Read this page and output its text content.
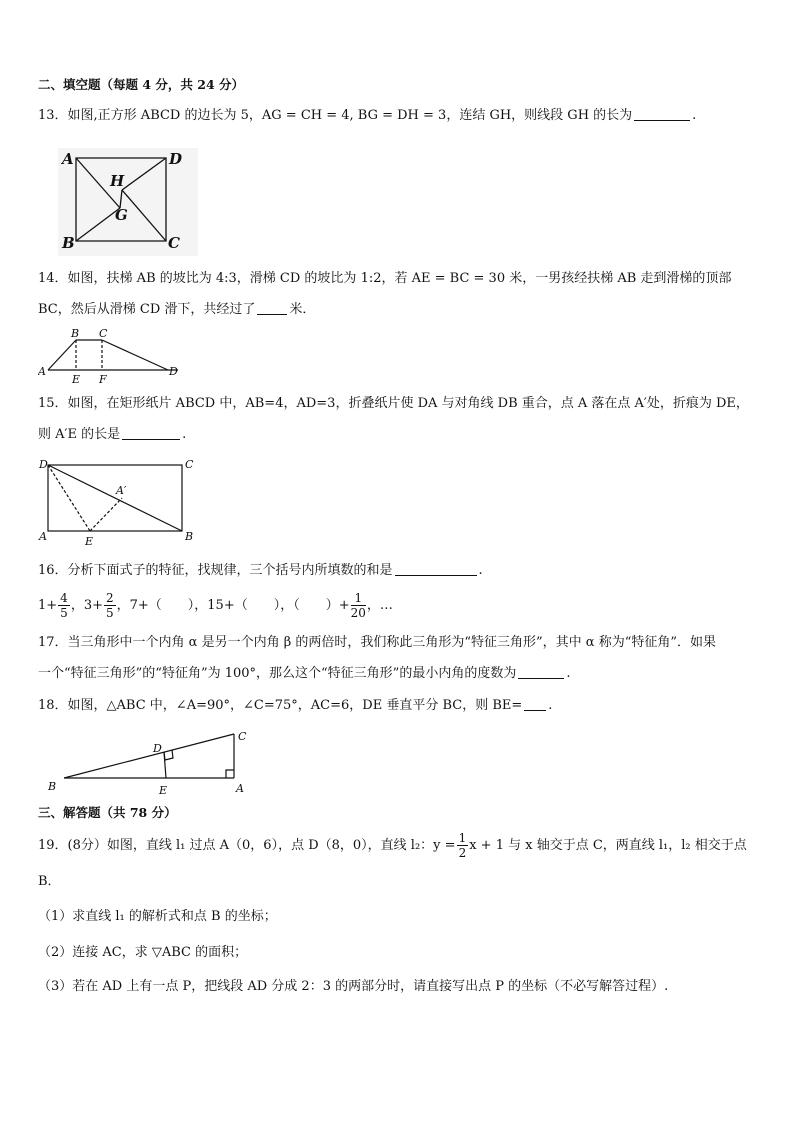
二、填空题（每题 4 分，共 24 分）
13．如图,正方形 ABCD 的边长为 5，AG = CH = 4, BG = DH = 3，连结 GH，则线段 GH 的长为	.
A	D
H
G
B	C
14．如图，扶梯 AB 的坡比为 4:3，滑梯 CD 的坡比为 1:2，若 AE = BC = 30 米，一男孩经扶梯 AB 走到滑梯的顶部
BC，然后从滑梯 CD 滑下，共经过了	米．
B C
A
E F
D
15．如图，在矩形纸片 ABCD 中，AB=4，AD=3，折叠纸片使 DA 与对角线 DB 重合，点 A 落在点 A′处，折痕为 DE，
则 A′E 的长是	.
D	C
A′
A	E	B
16．分析下面式子的特征，找规律，三个括号内所填数的和是	.
$1+ \frac{4}{5}$ ，$3+ \frac{2}{5}$ ，7+（　　），15+（　　），（　　）+ $\frac{1}{20}$ ，…
17．当三角形中一个内角 α 是另一个内角 β 的两倍时，我们称此三角形为“特征三角形”，其中 α 称为“特征角”．如果
一个“特征三角形”的“特征角”为 100°，那么这个“特征三角形”的最小内角的度数为	.
18．如图，△ABC 中，∠A=90°，∠C=75°，AC=6，DE 垂直平分 BC，则 BE= .
C
D
B	E	A
三、解答题（共 78 分）
19．(8分）如图，直线 l₁ 过点 A（0，6），点 D（8，0），直线 l₂：$y = \frac{1}{2}$ x + 1 与 x 轴交于点 C，两直线 l₁，l₂ 相交于点
B．
（1）求直线 l₁ 的解析式和点 B 的坐标；
（2）连接 AC，求 ▽ABC 的面积；
（3）若在 AD 上有一点 P，把线段 AD 分成 2：3 的两部分时，请直接写出点 P 的坐标（不必写解答过程）.
